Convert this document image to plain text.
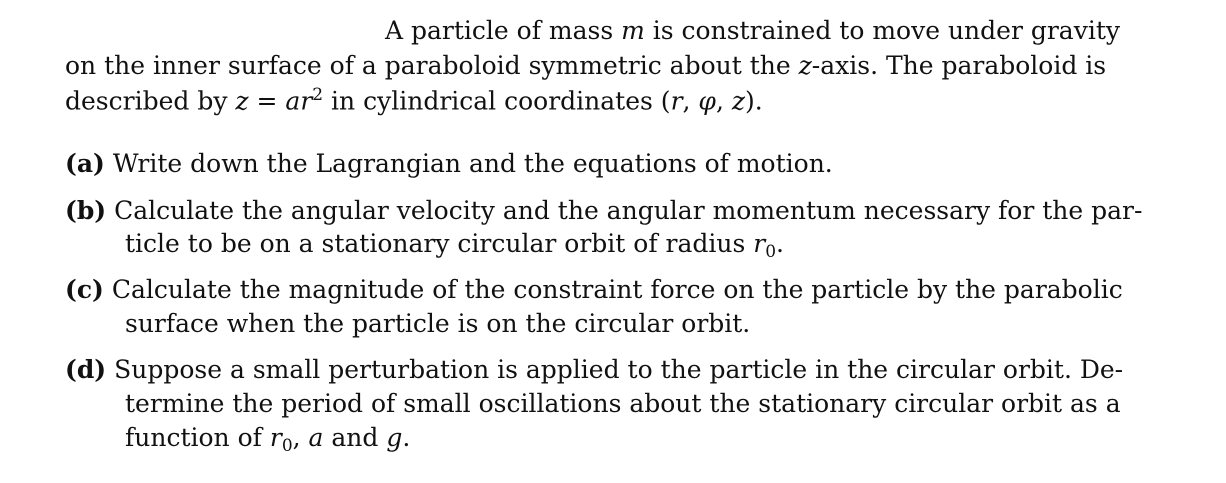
A particle of mass m is constrained to move under gravity
on the inner surface of a paraboloid symmetric about the z-axis. The paraboloid is
described by $z = ar^2$ in cylindrical coordinates (r, φ, z).
(a) Write down the Lagrangian and the equations of motion.
(b) Calculate the angular velocity and the angular momentum necessary for the par-
ticle to be on a stationary circular orbit of radius $r_0$.
(c) Calculate the magnitude of the constraint force on the particle by the parabolic
surface when the particle is on the circular orbit.
(d) Suppose a small perturbation is applied to the particle in the circular orbit. De-
termine the period of small oscillations about the stationary circular orbit as a
function of $r_0$, a and g.
